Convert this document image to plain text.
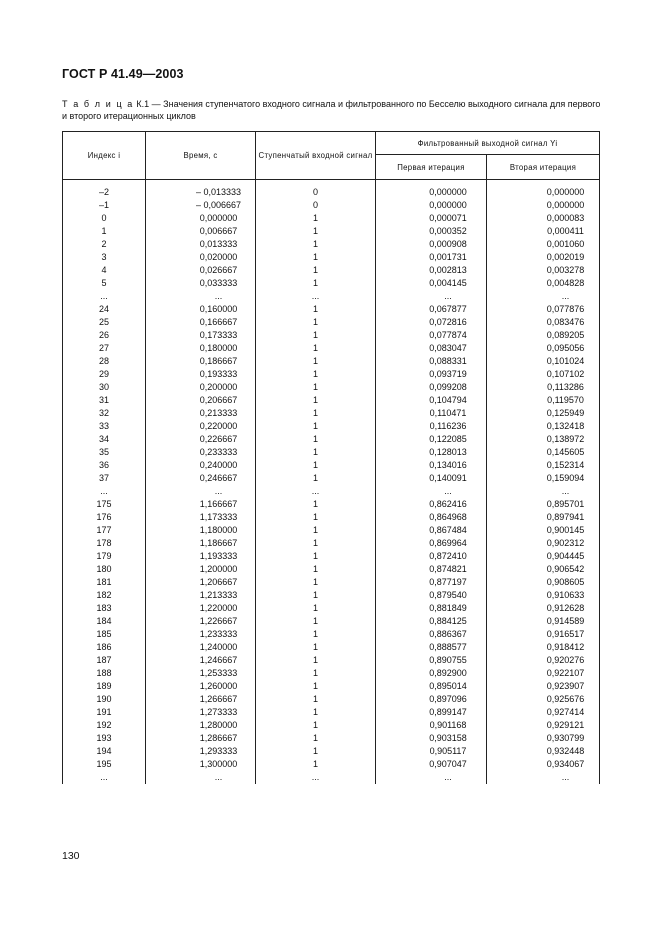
ГОСТ Р 41.49—2003
Т а б л и ц а К.1 — Значения ступенчатого входного сигнала и фильтрованного по Бесселю выходного сигнала для первого и второго итерационных циклов
Индекс i	Время, с	Ступенчатый входной сигнал	Фильтрованный выходной сигнал Yi	
			Первая итерация	Вторая итерация

–2	– 0,013333	0	0,000000	0,000000
–1	– 0,006667	0	0,000000	0,000000
0	0,000000	1	0,000071	0,000083
1	0,006667	1	0,000352	0,000411
2	0,013333	1	0,000908	0,001060
3	0,020000	1	0,001731	0,002019
4	0,026667	1	0,002813	0,003278
5	0,033333	1	0,004145	0,004828
...	...	...	...	...
24	0,160000	1	0,067877	0,077876
25	0,166667	1	0,072816	0,083476
26	0,173333	1	0,077874	0,089205
27	0,180000	1	0,083047	0,095056
28	0,186667	1	0,088331	0,101024
29	0,193333	1	0,093719	0,107102
30	0,200000	1	0,099208	0,113286
31	0,206667	1	0,104794	0,119570
32	0,213333	1	0,110471	0,125949
33	0,220000	1	0,116236	0,132418
34	0,226667	1	0,122085	0,138972
35	0,233333	1	0,128013	0,145605
36	0,240000	1	0,134016	0,152314
37	0,246667	1	0,140091	0,159094
...	...	...	...	...
175	1,166667	1	0,862416	0,895701
176	1,173333	1	0,864968	0,897941
177	1,180000	1	0,867484	0,900145
178	1,186667	1	0,869964	0,902312
179	1,193333	1	0,872410	0,904445
180	1,200000	1	0,874821	0,906542
181	1,206667	1	0,877197	0,908605
182	1,213333	1	0,879540	0,910633
183	1,220000	1	0,881849	0,912628
184	1,226667	1	0,884125	0,914589
185	1,233333	1	0,886367	0,916517
186	1,240000	1	0,888577	0,918412
187	1,246667	1	0,890755	0,920276
188	1,253333	1	0,892900	0,922107
189	1,260000	1	0,895014	0,923907
190	1,266667	1	0,897096	0,925676
191	1,273333	1	0,899147	0,927414
192	1,280000	1	0,901168	0,929121
193	1,286667	1	0,903158	0,930799
194	1,293333	1	0,905117	0,932448
195	1,300000	1	0,907047	0,934067
...	...	...	...	...
130
